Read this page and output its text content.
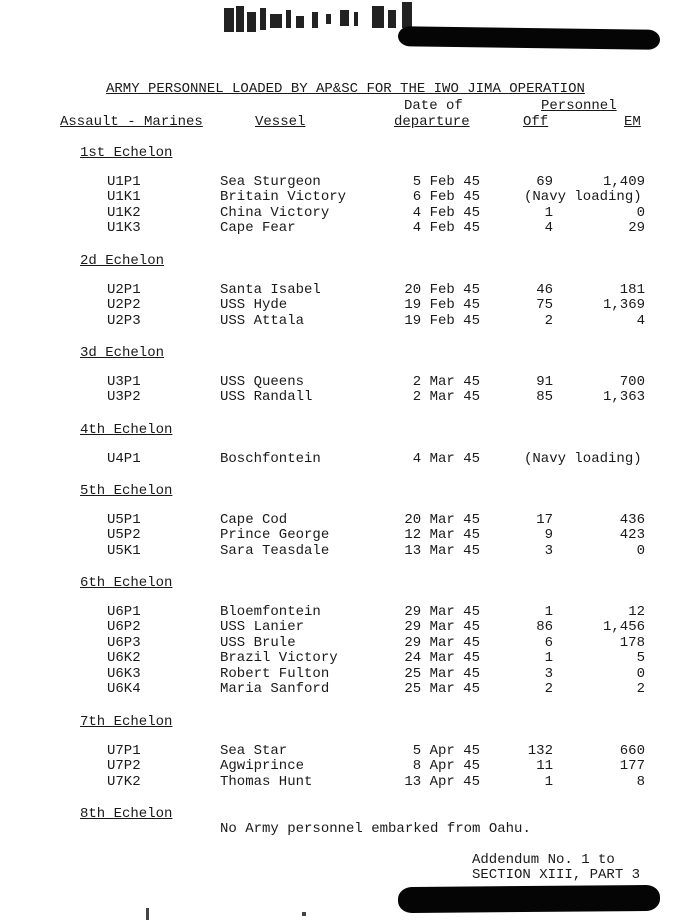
ARMY PERSONNEL LOADED BY AP&SC FOR THE IWO JIMA OPERATION
Date of	Personnel
Assault - Marines	Vessel	departure	Off	EM
1st Echelon
U1P1	Sea Sturgeon	5 Feb 45	69	1,409
U1K1	Britain Victory	6 Feb 45	(Navy loading)
U1K2	China Victory	4 Feb 45	1	0
U1K3	Cape Fear	4 Feb 45	4	29
2d Echelon
U2P1	Santa Isabel	20 Feb 45	46	181
U2P2	USS Hyde	19 Feb 45	75	1,369
U2P3	USS Attala	19 Feb 45	2	4
3d Echelon
U3P1	USS Queens	2 Mar 45	91	700
U3P2	USS Randall	2 Mar 45	85	1,363
4th Echelon
U4P1	Boschfontein	4 Mar 45	(Navy loading)
5th Echelon
U5P1	Cape Cod	20 Mar 45	17	436
U5P2	Prince George	12 Mar 45	9	423
U5K1	Sara Teasdale	13 Mar 45	3	0
6th Echelon
U6P1	Bloemfontein	29 Mar 45	1	12
U6P2	USS Lanier	29 Mar 45	86	1,456
U6P3	USS Brule	29 Mar 45	6	178
U6K2	Brazil Victory	24 Mar 45	1	5
U6K3	Robert Fulton	25 Mar 45	3	0
U6K4	Maria Sanford	25 Mar 45	2	2
7th Echelon
U7P1	Sea Star	5 Apr 45	132	660
U7P2	Agwiprince	8 Apr 45	11	177
U7K2	Thomas Hunt	13 Apr 45	1	8
8th Echelon
No Army personnel embarked from Oahu.
Addendum No. 1 to
SECTION XIII, PART 3
